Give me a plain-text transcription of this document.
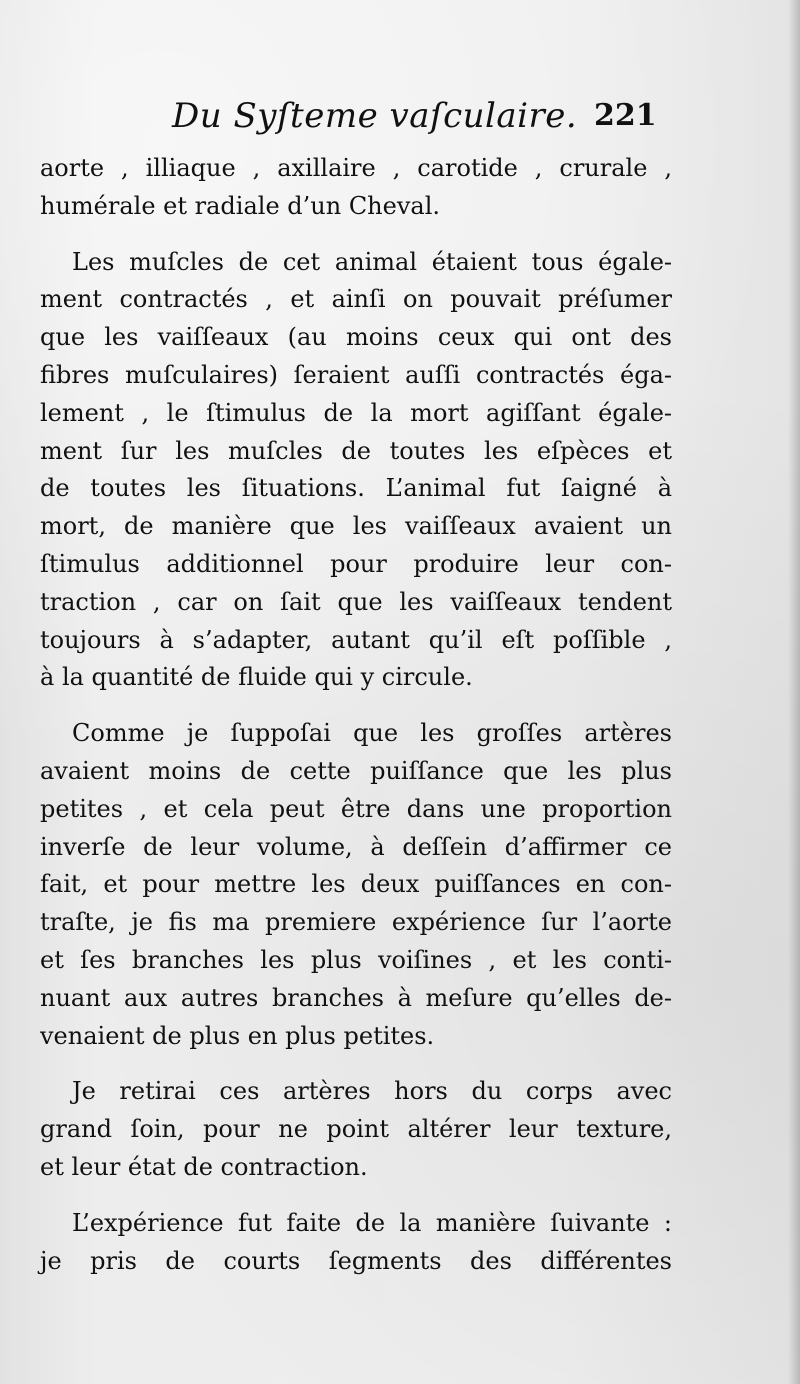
Du Syſteme vaſculaire. 221

aorte , illiaque , axillaire , carotide , crurale ,
humérale et radiale d’un Cheval.

Les muſcles de cet animal étaient tous égale-
ment contractés , et ainſi on pouvait préſumer
que les vaiſſeaux (au moins ceux qui ont des
fibres muſculaires) ſeraient auſſi contractés éga-
lement , le ſtimulus de la mort agiſſant égale-
ment ſur les muſcles de toutes les eſpèces et
de toutes les ſituations. L’animal fut ſaigné à
mort, de manière que les vaiſſeaux avaient un
ſtimulus additionnel pour produire leur con-
traction , car on ſait que les vaiſſeaux tendent
toujours à s’adapter, autant qu’il eſt poſſible ,
à la quantité de fluide qui y circule.

Comme je ſuppoſai que les groſſes artères
avaient moins de cette puiſſance que les plus
petites , et cela peut être dans une proportion
inverſe de leur volume, à deſſein d’affirmer ce
fait, et pour mettre les deux puiſſances en con-
traſte, je fis ma premiere expérience ſur l’aorte
et ſes branches les plus voiſines , et les conti-
nuant aux autres branches à meſure qu’elles de-
venaient de plus en plus petites.

Je retirai ces artères hors du corps avec
grand ſoin, pour ne point altérer leur texture,
et leur état de contraction.

L’expérience fut faite de la manière ſuivante :
je pris de courts ſegments des différentes
